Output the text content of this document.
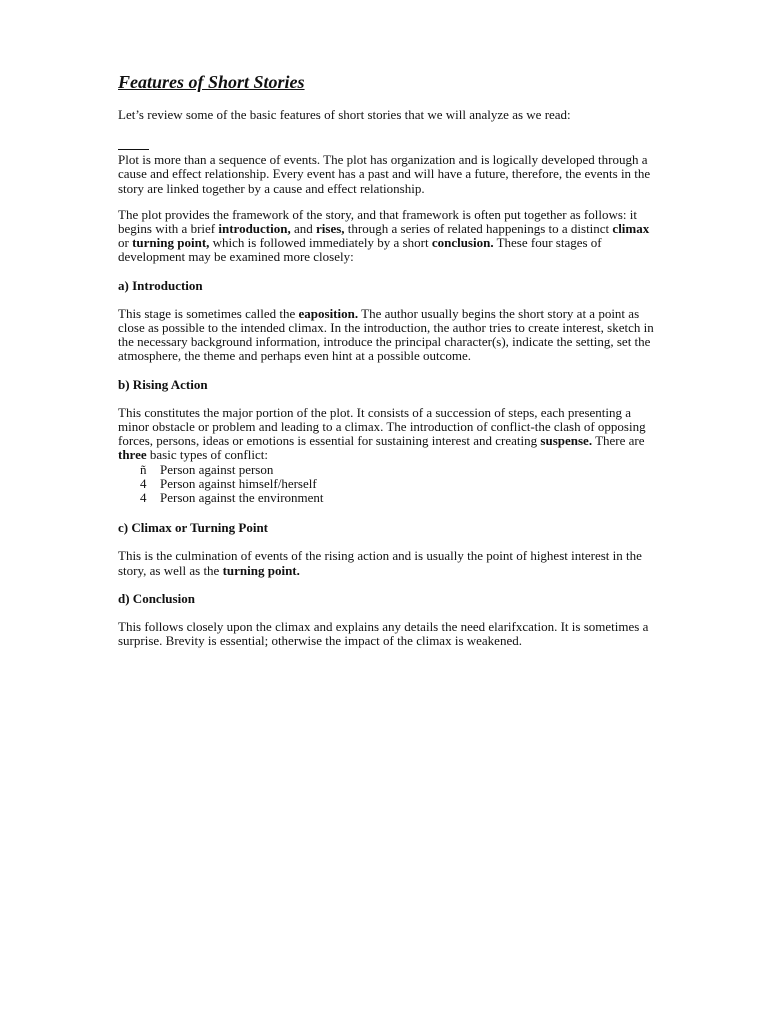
Features of Short Stories

Let’s review some of the basic features of short stories that we will analyze as we read:

Plot is more than a sequence of events. The plot has organization and is logically developed through a cause and effect relationship. Every event has a past and will have a future, therefore, the events in the story are linked together by a cause and effect relationship.

The plot provides the framework of the story, and that framework is often put together as follows: it begins with a brief introduction, and rises, through a series of related happenings to a distinct climax or turning point, which is followed immediately by a short conclusion. These four stages of development may be examined more closely:

a) Introduction

This stage is sometimes called the eaposition. The author usually begins the short story at a point as close as possible to the intended climax. In the introduction, the author tries to create interest, sketch in the necessary background information, introduce the principal character(s), indicate the setting, set the atmosphere, the theme and perhaps even hint at a possible outcome.

b) Rising Action

This constitutes the major portion of the plot. It consists of a succession of steps, each presenting a minor obstacle or problem and leading to a climax. The introduction of conflict-the clash of opposing forces, persons, ideas or emotions is essential for sustaining interest and creating suspense. There are three basic types of conflict:

ñ	Person against person
4	Person against himself/herself
4	Person against the environment
c) Climax or Turning Point

This is the culmination of events of the rising action and is usually the point of highest interest in the story, as well as the turning point.

d) Conclusion

This follows closely upon the climax and explains any details the need elarifxcation. It is sometimes a surprise. Brevity is essential; otherwise the impact of the climax is weakened.
